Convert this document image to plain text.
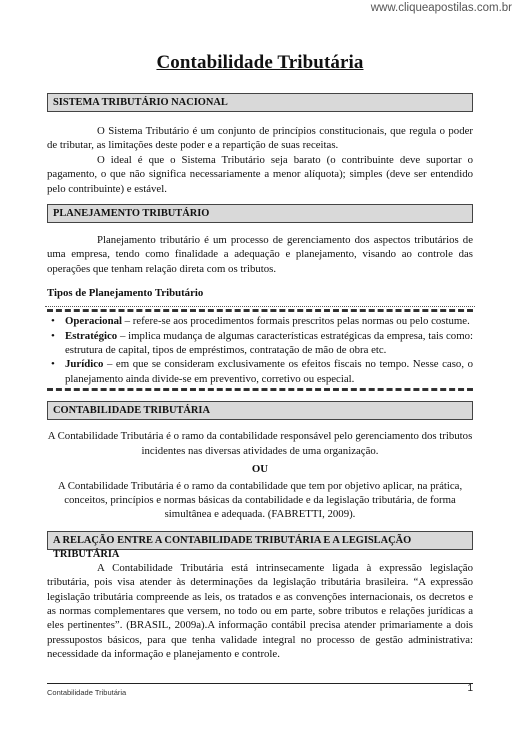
www.cliqueapostilas.com.br
Contabilidade Tributária
SISTEMA TRIBUTÁRIO NACIONAL

O Sistema Tributário é um conjunto de princípios constitucionais, que regula o poder de tributar, as limitações deste poder e a repartição de suas receitas.

O ideal é que o Sistema Tributário seja barato (o contribuinte deve suportar o pagamento, o que não significa necessariamente a menor alíquota); simples (deve ser entendido pelo contribuinte) e estável.

PLANEJAMENTO TRIBUTÁRIO

Planejamento tributário é um processo de gerenciamento dos aspectos tributários de uma empresa, tendo como finalidade a adequação e planejamento, visando ao controle das operações que tenham relação direta com os tributos.

Tipos de Planejamento Tributário

• Operacional – refere-se aos procedimentos formais prescritos pelas normas ou pelo costume.
• Estratégico – implica mudança de algumas características estratégicas da empresa, tais como: estrutura de capital, tipos de empréstimos, contratação de mão de obra etc.
• Jurídico – em que se consideram exclusivamente os efeitos fiscais no tempo. Nesse caso, o planejamento ainda divide-se em preventivo, corretivo ou especial.
CONTABILIDADE TRIBUTÁRIA

A Contabilidade Tributária é o ramo da contabilidade responsável pelo gerenciamento dos tributos incidentes nas diversas atividades de uma organização.

OU

A Contabilidade Tributária é o ramo da contabilidade que tem por objetivo aplicar, na prática, conceitos, princípios e normas básicas da contabilidade e da legislação tributária, de forma simultânea e adequada. (FABRETTI, 2009).

A RELAÇÃO ENTRE A CONTABILIDADE TRIBUTÁRIA E A LEGISLAÇÃO TRIBUTÁRIA

A Contabilidade Tributária está intrinsecamente ligada à expressão legislação tributária, pois visa atender às determinações da legislação tributária brasileira. “A expressão legislação tributária compreende as leis, os tratados e as convenções internacionais, os decretos e as normas complementares que versem, no todo ou em parte, sobre tributos e relações jurídicas a eles pertinentes”. (BRASIL, 2009a).A informação contábil precisa atender primariamente a dois pressupostos básicos, para que tenha validade integral no processo de gestão administrativa: necessidade da informação e planejamento e controle.

Contabilidade Tributária	1
